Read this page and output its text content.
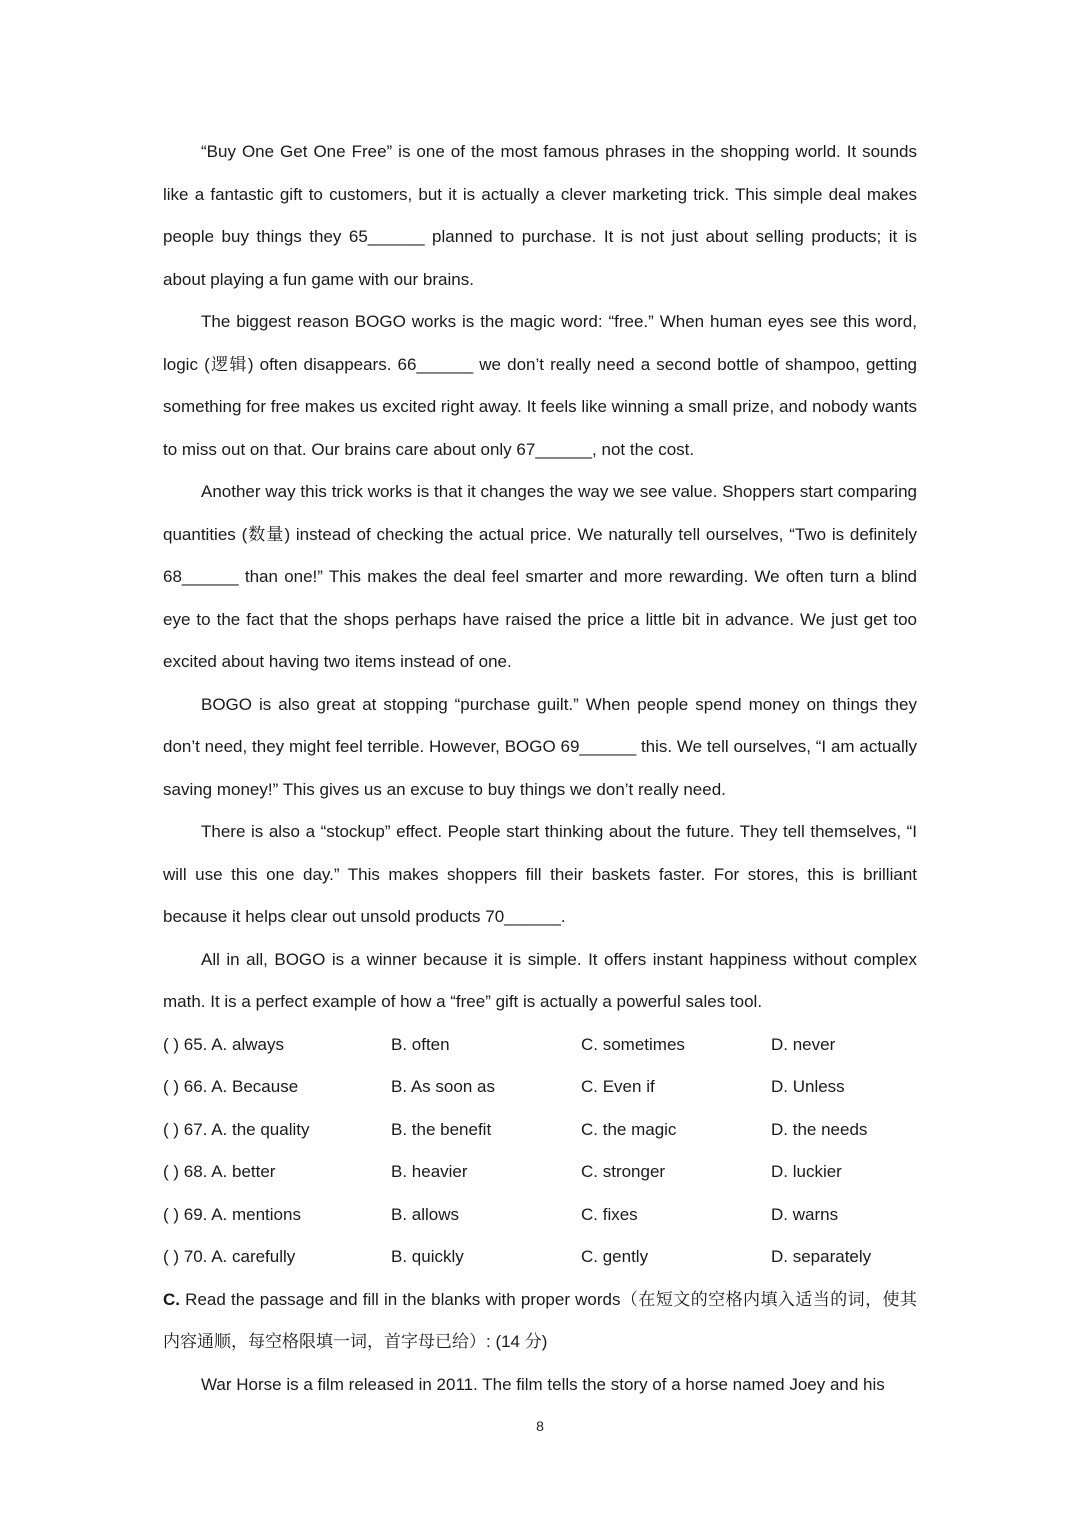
“Buy One Get One Free” is one of the most famous phrases in the shopping world. It sounds like a fantastic gift to customers, but it is actually a clever marketing trick. This simple deal makes people buy things they 65______ planned to purchase. It is not just about selling products; it is about playing a fun game with our brains.

The biggest reason BOGO works is the magic word: “free.” When human eyes see this word, logic (逻辑) often disappears. 66______ we don’t really need a second bottle of shampoo, getting something for free makes us excited right away. It feels like winning a small prize, and nobody wants to miss out on that. Our brains care about only 67______, not the cost.

Another way this trick works is that it changes the way we see value. Shoppers start comparing quantities (数量) instead of checking the actual price. We naturally tell ourselves, “Two is definitely 68______ than one!” This makes the deal feel smarter and more rewarding. We often turn a blind eye to the fact that the shops perhaps have raised the price a little bit in advance. We just get too excited about having two items instead of one.

BOGO is also great at stopping “purchase guilt.” When people spend money on things they don’t need, they might feel terrible. However, BOGO 69______ this. We tell ourselves, “I am actually saving money!” This gives us an excuse to buy things we don’t really need.

There is also a “stockup” effect. People start thinking about the future. They tell themselves, “I will use this one day.” This makes shoppers fill their baskets faster. For stores, this is brilliant because it helps clear out unsold products 70______.

All in all, BOGO is a winner because it is simple. It offers instant happiness without complex math. It is a perfect example of how a “free” gift is actually a powerful sales tool.

( ) 65. A. always	B. often	C. sometimes	D. never
( ) 66. A. Because	B. As soon as	C. Even if	D. Unless
( ) 67. A. the quality	B. the benefit	C. the magic	D. the needs
( ) 68. A. better	B. heavier	C. stronger	D. luckier
( ) 69. A. mentions	B. allows	C. fixes	D. warns
( ) 70. A. carefully	B. quickly	C. gently	D. separately

C. Read the passage and fill in the blanks with proper words（在短文的空格内填入适当的词，使其内容通顺，每空格限填一词，首字母已给）: (14 分)

War Horse is a film released in 2011. The film tells the story of a horse named Joey and his

8
